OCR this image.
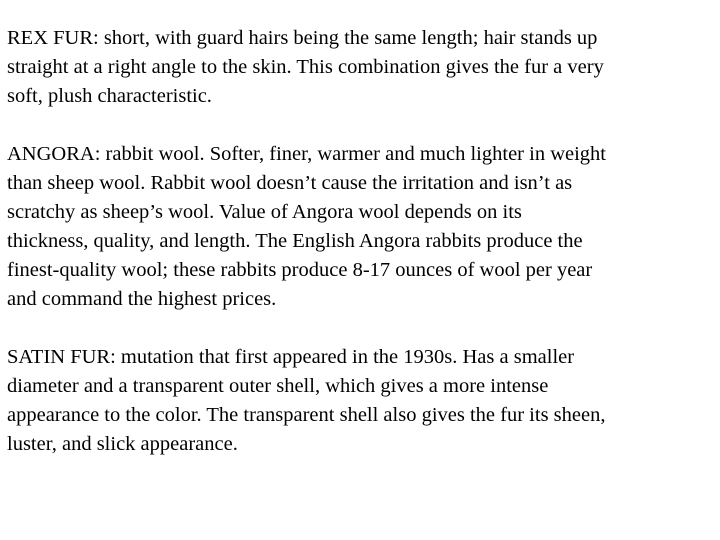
REX FUR: short, with guard hairs being the same length; hair stands up
straight at a right angle to the skin. This combination gives the fur a very
soft, plush characteristic.

ANGORA: rabbit wool. Softer, finer, warmer and much lighter in weight
than sheep wool. Rabbit wool doesn’t cause the irritation and isn’t as
scratchy as sheep’s wool. Value of Angora wool depends on its
thickness, quality, and length. The English Angora rabbits produce the
finest-quality wool; these rabbits produce 8-17 ounces of wool per year
and command the highest prices.

SATIN FUR: mutation that first appeared in the 1930s. Has a smaller
diameter and a transparent outer shell, which gives a more intense
appearance to the color. The transparent shell also gives the fur its sheen,
luster, and slick appearance.
